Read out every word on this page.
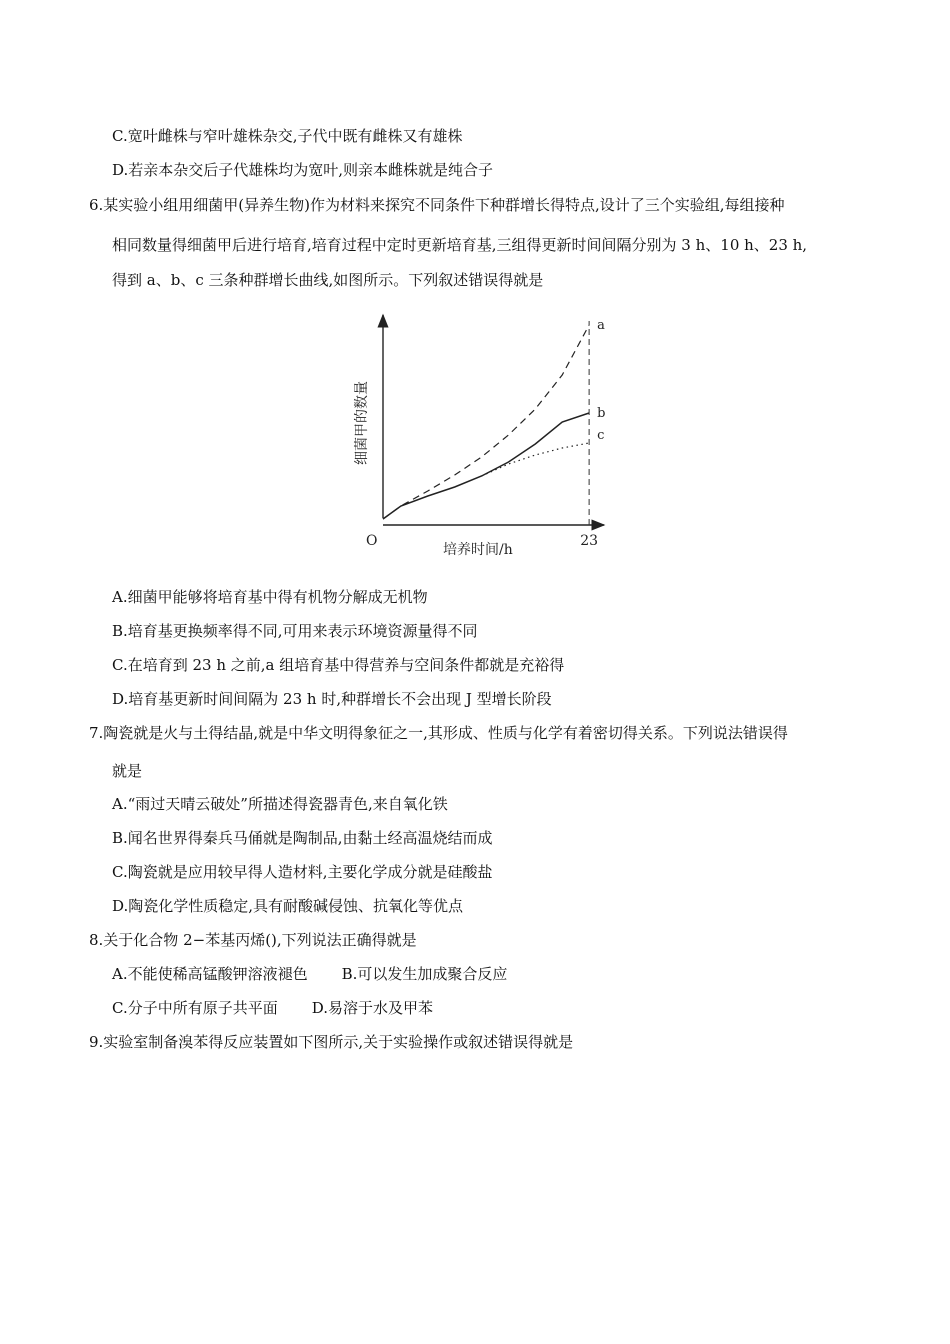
C.宽叶雌株与窄叶雄株杂交,子代中既有雌株又有雄株
D.若亲本杂交后子代雄株均为宽叶,则亲本雌株就是纯合子
6.某实验小组用细菌甲(异养生物)作为材料来探究不同条件下种群增长得特点,设计了三个实验组,每组接种
相同数量得细菌甲后进行培育,培育过程中定时更新培育基,三组得更新时间间隔分别为 3 h、10 h、23 h,
得到 a、b、c 三条种群增长曲线,如图所示。下列叙述错误得就是
23
a
b
c
O
培养时间/h
细菌甲的数量
A.细菌甲能够将培育基中得有机物分解成无机物
B.培育基更换频率得不同,可用来表示环境资源量得不同
C.在培育到 23 h 之前,a 组培育基中得营养与空间条件都就是充裕得
D.培育基更新时间间隔为 23 h 时,种群增长不会出现 J 型增长阶段
7.陶瓷就是火与土得结晶,就是中华文明得象征之一,其形成、性质与化学有着密切得关系。下列说法错误得
就是
A.“雨过天晴云破处”所描述得瓷器青色,来自氧化铁
B.闻名世界得秦兵马俑就是陶制品,由黏土经高温烧结而成
C.陶瓷就是应用较早得人造材料,主要化学成分就是硅酸盐
D.陶瓷化学性质稳定,具有耐酸碱侵蚀、抗氧化等优点
8.关于化合物 2−苯基丙烯(),下列说法正确得就是
A.不能使稀高锰酸钾溶液褪色 B.可以发生加成聚合反应
C.分子中所有原子共平面 D.易溶于水及甲苯
9.实验室制备溴苯得反应装置如下图所示,关于实验操作或叙述错误得就是
